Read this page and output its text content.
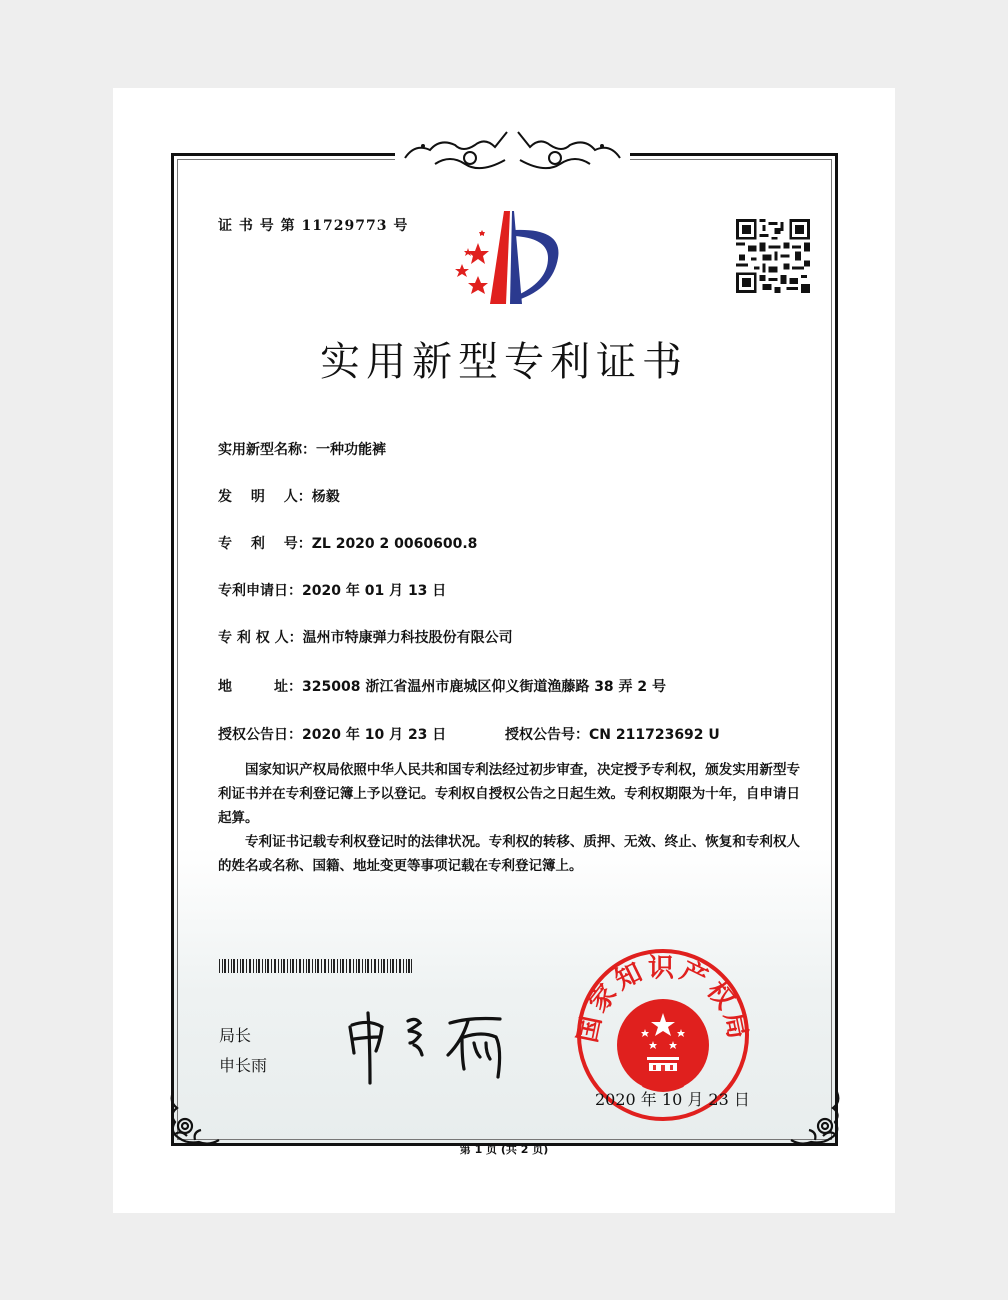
证 书 号 第 11729773 号
实用新型专利证书
实用新型名称：一种功能裤
发　 明　 人：杨毅
专　 利　 号：ZL 2020 2 0060600.8
专利申请日：2020 年 01 月 13 日
专 利 权 人：温州市特康弹力科技股份有限公司
地　　　址：325008 浙江省温州市鹿城区仰义街道渔藤路 38 弄 2 号
授权公告日：2020 年 10 月 23 日	授权公告号：CN 211723692 U
国家知识产权局依照中华人民共和国专利法经过初步审查，决定授予专利权，颁发实用新型专利证书并在专利登记簿上予以登记。专利权自授权公告之日起生效。专利权期限为十年，自申请日起算。
专利证书记载专利权登记时的法律状况。专利权的转移、质押、无效、终止、恢复和专利权人的姓名或名称、国籍、地址变更等事项记载在专利登记簿上。
局长
申长雨
国家知识产权局
2020 年 10 月 23 日
第 1 页 (共 2 页)
